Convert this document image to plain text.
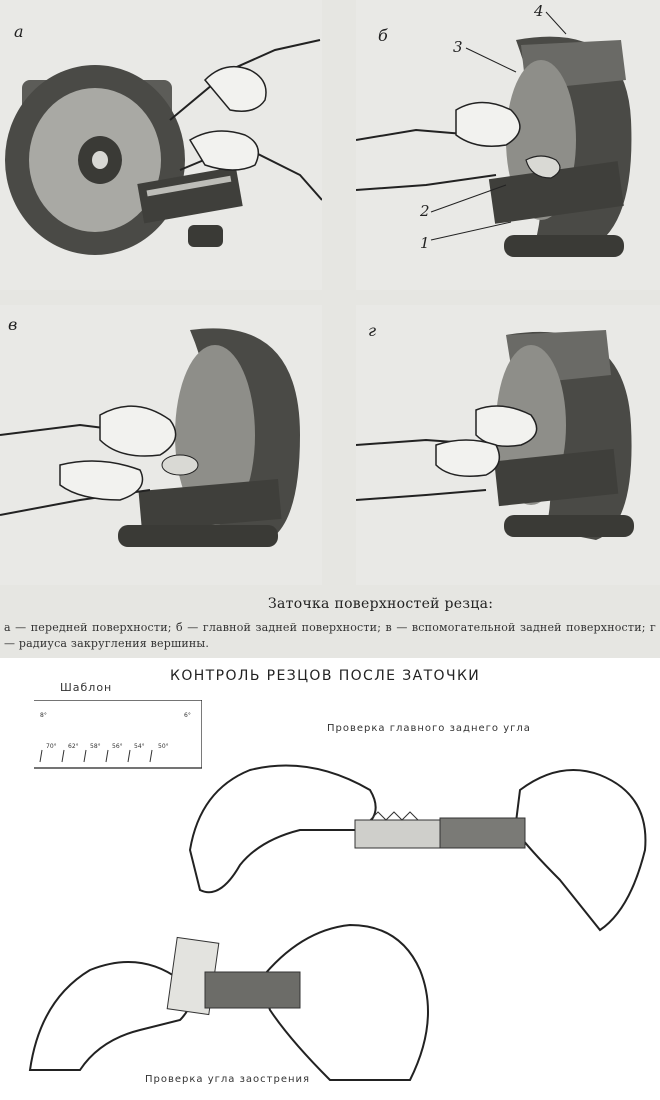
а	б
4
3
2
1
в	г
Заточка поверхностей резца:
а — передней поверхности; б — главной задней поверхности; в — вспомогательной задней поверхности; г — радиуса закругления вершины.
КОНТРОЛЬ РЕЗЦОВ ПОСЛЕ ЗАТОЧКИ
Шаблон
8°	6°
70° 62° 58° 56° 54° 50°
Проверка главного заднего угла
Проверка угла заострения
